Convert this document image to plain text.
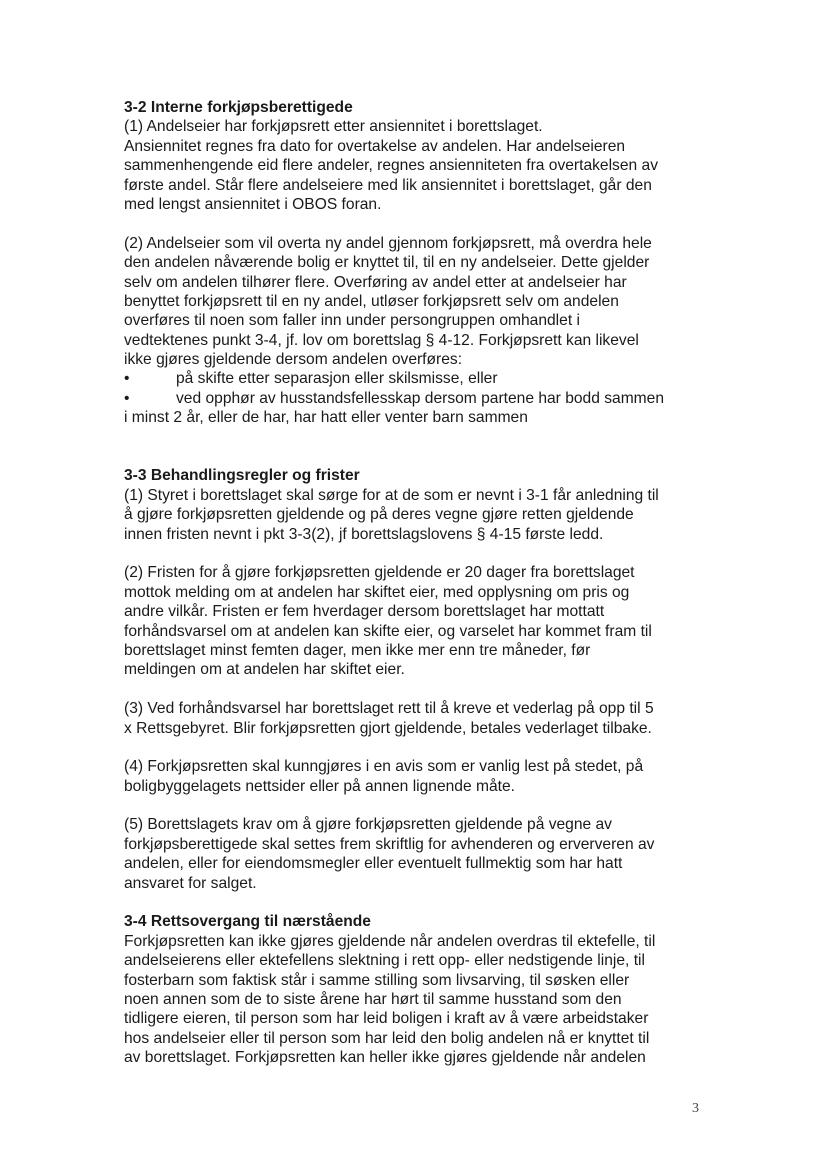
3-2 Interne forkjøpsberettigede
(1) Andelseier har forkjøpsrett etter ansiennitet i borettslaget.
Ansiennitet regnes fra dato for overtakelse av andelen. Har andelseieren
sammenhengende eid flere andeler, regnes ansienniteten fra overtakelsen av
første andel. Står flere andelseiere med lik ansiennitet i borettslaget, går den
med lengst ansiennitet i OBOS foran.
(2) Andelseier som vil overta ny andel gjennom forkjøpsrett, må overdra hele
den andelen nåværende bolig er knyttet til, til en ny andelseier. Dette gjelder
selv om andelen tilhører flere. Overføring av andel etter at andelseier har
benyttet forkjøpsrett til en ny andel, utløser forkjøpsrett selv om andelen
overføres til noen som faller inn under persongruppen omhandlet i
vedtektenes punkt 3-4, jf. lov om borettslag § 4-12. Forkjøpsrett kan likevel
ikke gjøres gjeldende dersom andelen overføres:
•	på skifte etter separasjon eller skilsmisse, eller
•	ved opphør av husstandsfellesskap dersom partene har bodd sammen
i minst 2 år, eller de har, har hatt eller venter barn sammen
3-3 Behandlingsregler og frister
(1) Styret i borettslaget skal sørge for at de som er nevnt i 3-1 får anledning til
å gjøre forkjøpsretten gjeldende og på deres vegne gjøre retten gjeldende
innen fristen nevnt i pkt 3-3(2), jf borettslagslovens § 4-15 første ledd.
(2) Fristen for å gjøre forkjøpsretten gjeldende er 20 dager fra borettslaget
mottok melding om at andelen har skiftet eier, med opplysning om pris og
andre vilkår. Fristen er fem hverdager dersom borettslaget har mottatt
forhåndsvarsel om at andelen kan skifte eier, og varselet har kommet fram til
borettslaget minst femten dager, men ikke mer enn tre måneder, før
meldingen om at andelen har skiftet eier.
(3) Ved forhåndsvarsel har borettslaget rett til å kreve et vederlag på opp til 5
x Rettsgebyret. Blir forkjøpsretten gjort gjeldende, betales vederlaget tilbake.
(4) Forkjøpsretten skal kunngjøres i en avis som er vanlig lest på stedet, på
boligbyggelagets nettsider eller på annen lignende måte.
(5) Borettslagets krav om å gjøre forkjøpsretten gjeldende på vegne av
forkjøpsberettigede skal settes frem skriftlig for avhenderen og erververen av
andelen, eller for eiendomsmegler eller eventuelt fullmektig som har hatt
ansvaret for salget.
3-4 Rettsovergang til nærstående
Forkjøpsretten kan ikke gjøres gjeldende når andelen overdras til ektefelle, til
andelseierens eller ektefellens slektning i rett opp- eller nedstigende linje, til
fosterbarn som faktisk står i samme stilling som livsarving, til søsken eller
noen annen som de to siste årene har hørt til samme husstand som den
tidligere eieren, til person som har leid boligen i kraft av å være arbeidstaker
hos andelseier eller til person som har leid den bolig andelen nå er knyttet til
av borettslaget. Forkjøpsretten kan heller ikke gjøres gjeldende når andelen
3
